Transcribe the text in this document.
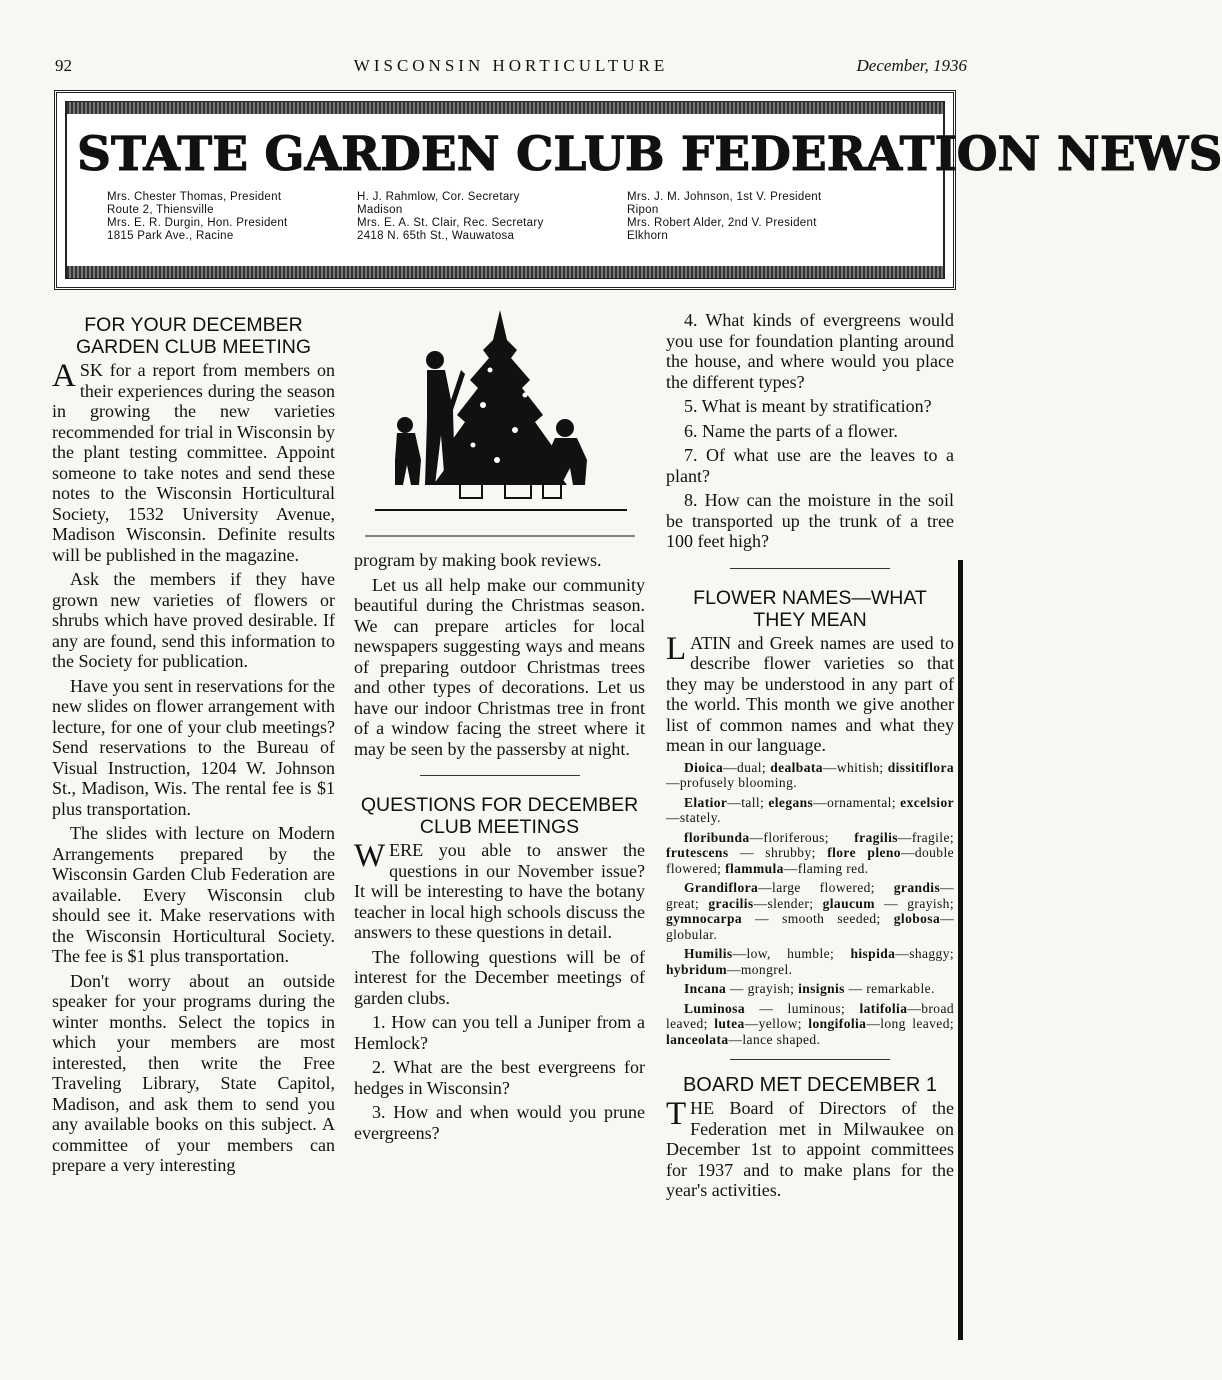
92	WISCONSIN HORTICULTURE	December, 1936
STATE GARDEN CLUB FEDERATION NEWS
Mrs. Chester Thomas, President
Route 2, Thiensville
Mrs. E. R. Durgin, Hon. President
1815 Park Ave., Racine
H. J. Rahmlow, Cor. Secretary
Madison
Mrs. E. A. St. Clair, Rec. Secretary
2418 N. 65th St., Wauwatosa
Mrs. J. M. Johnson, 1st V. President
Ripon
Mrs. Robert Alder, 2nd V. President
Elkhorn
FOR YOUR DECEMBER GARDEN CLUB MEETING

ASK for a report from members on their experiences during the season in growing the new varieties recommended for trial in Wisconsin by the plant testing committee. Appoint someone to take notes and send these notes to the Wisconsin Horticultural Society, 1532 University Avenue, Madison Wisconsin. Definite results will be published in the magazine.

Ask the members if they have grown new varieties of flowers or shrubs which have proved desirable. If any are found, send this information to the Society for publication.

Have you sent in reservations for the new slides on flower arrangement with lecture, for one of your club meetings? Send reservations to the Bureau of Visual Instruction, 1204 W. Johnson St., Madison, Wis. The rental fee is $1 plus transportation.

The slides with lecture on Modern Arrangements prepared by the Wisconsin Garden Club Federation are available. Every Wisconsin club should see it. Make reservations with the Wisconsin Horticultural Society. The fee is $1 plus transportation.

Don't worry about an outside speaker for your programs during the winter months. Select the topics in which your members are most interested, then write the Free Traveling Library, State Capitol, Madison, and ask them to send you any available books on this subject. A committee of your members can prepare a very interesting

program by making book reviews.

Let us all help make our community beautiful during the Christmas season. We can prepare articles for local newspapers suggesting ways and means of preparing outdoor Christmas trees and other types of decorations. Let us have our indoor Christmas tree in front of a window facing the street where it may be seen by the passersby at night.

QUESTIONS FOR DECEMBER CLUB MEETINGS

WERE you able to answer the questions in our November issue? It will be interesting to have the botany teacher in local high schools discuss the answers to these questions in detail.

The following questions will be of interest for the December meetings of garden clubs.

1. How can you tell a Juniper from a Hemlock?

2. What are the best evergreens for hedges in Wisconsin?

3. How and when would you prune evergreens?

4. What kinds of evergreens would you use for foundation planting around the house, and where would you place the different types?

5. What is meant by stratification?

6. Name the parts of a flower.

7. Of what use are the leaves to a plant?

8. How can the moisture in the soil be transported up the trunk of a tree 100 feet high?

FLOWER NAMES—WHAT THEY MEAN

LATIN and Greek names are used to describe flower varieties so that they may be understood in any part of the world. This month we give another list of common names and what they mean in our language.

Dioica—dual; dealbata—whitish; dissitiflora—profusely blooming.

Elatior—tall; elegans—ornamental; excelsior—stately.

floribunda—floriferous; fragilis—fragile; frutescens — shrubby; flore pleno—double flowered; flammula—flaming red.

Grandiflora—large flowered; grandis—great; gracilis—slender; glaucum — grayish; gymnocarpa — smooth seeded; globosa—globular.

Humilis—low, humble; hispida—shaggy; hybridum—mongrel.

Incana — grayish; insignis — remarkable.

Luminosa — luminous; latifolia—broad leaved; lutea—yellow; longifolia—long leaved; lanceolata—lance shaped.

BOARD MET DECEMBER 1

THE Board of Directors of the Federation met in Milwaukee on December 1st to appoint committees for 1937 and to make plans for the year's activities.
